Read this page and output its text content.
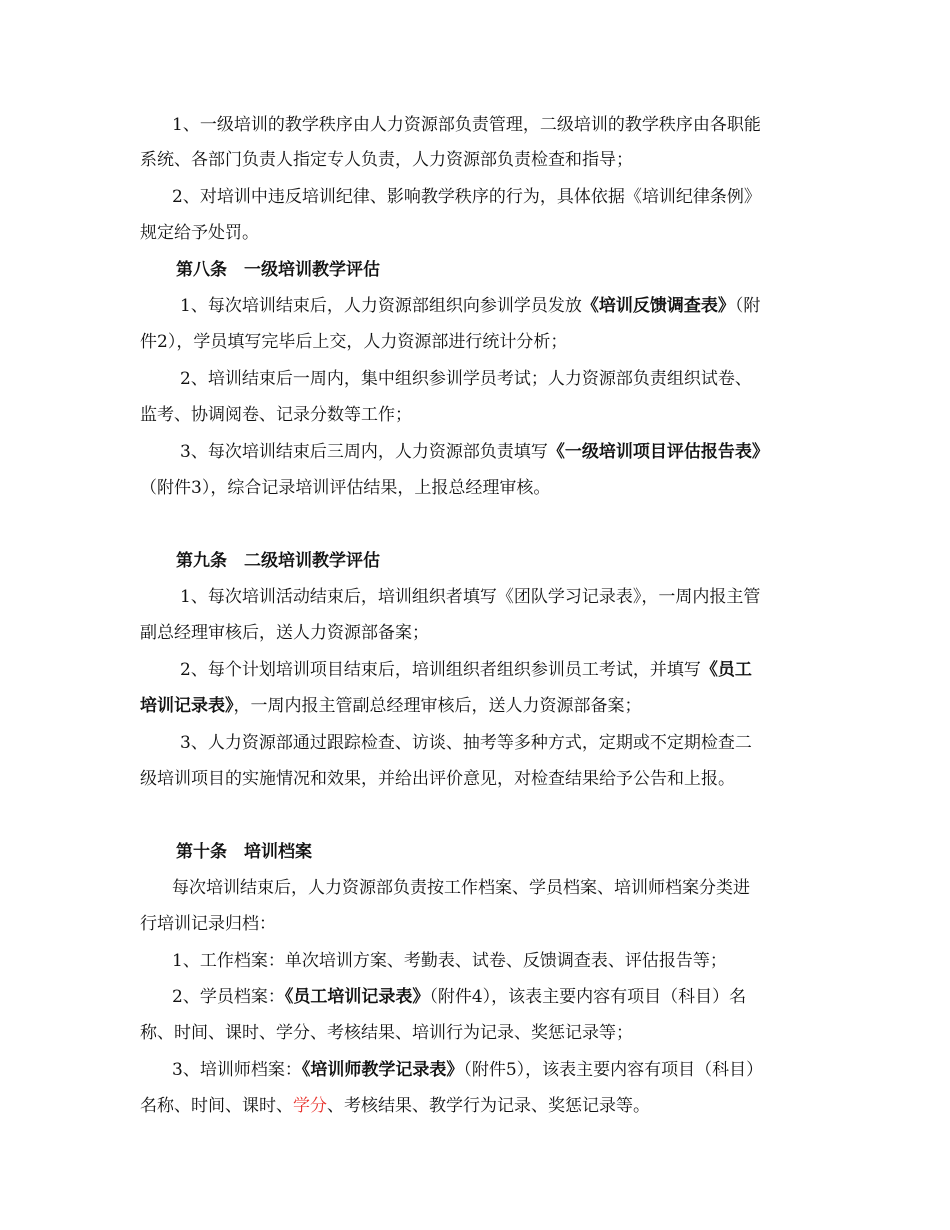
1、一级培训的教学秩序由人力资源部负责管理，二级培训的教学秩序由各职能
系统、各部门负责人指定专人负责，人力资源部负责检查和指导；
2、对培训中违反培训纪律、影响教学秩序的行为，具体依据《培训纪律条例》
规定给予处罚。
第八条　一级培训教学评估
1、每次培训结束后，人力资源部组织向参训学员发放《培训反馈调查表》（附
件2），学员填写完毕后上交，人力资源部进行统计分析；
2、培训结束后一周内，集中组织参训学员考试；人力资源部负责组织试卷、
监考、协调阅卷、记录分数等工作；
3、每次培训结束后三周内，人力资源部负责填写《一级培训项目评估报告表》
（附件3），综合记录培训评估结果，上报总经理审核。
第九条　二级培训教学评估
1、每次培训活动结束后，培训组织者填写《团队学习记录表》，一周内报主管
副总经理审核后，送人力资源部备案；
2、每个计划培训项目结束后，培训组织者组织参训员工考试，并填写《员工
培训记录表》，一周内报主管副总经理审核后，送人力资源部备案；
3、人力资源部通过跟踪检查、访谈、抽考等多种方式，定期或不定期检查二
级培训项目的实施情况和效果，并给出评价意见，对检查结果给予公告和上报。
第十条　培训档案
每次培训结束后，人力资源部负责按工作档案、学员档案、培训师档案分类进
行培训记录归档：
1、工作档案：单次培训方案、考勤表、试卷、反馈调查表、评估报告等；
2、学员档案：《员工培训记录表》（附件4），该表主要内容有项目（科目）名
称、时间、课时、学分、考核结果、培训行为记录、奖惩记录等；
3、培训师档案：《培训师教学记录表》（附件5），该表主要内容有项目（科目）
名称、时间、课时、学分、考核结果、教学行为记录、奖惩记录等。
